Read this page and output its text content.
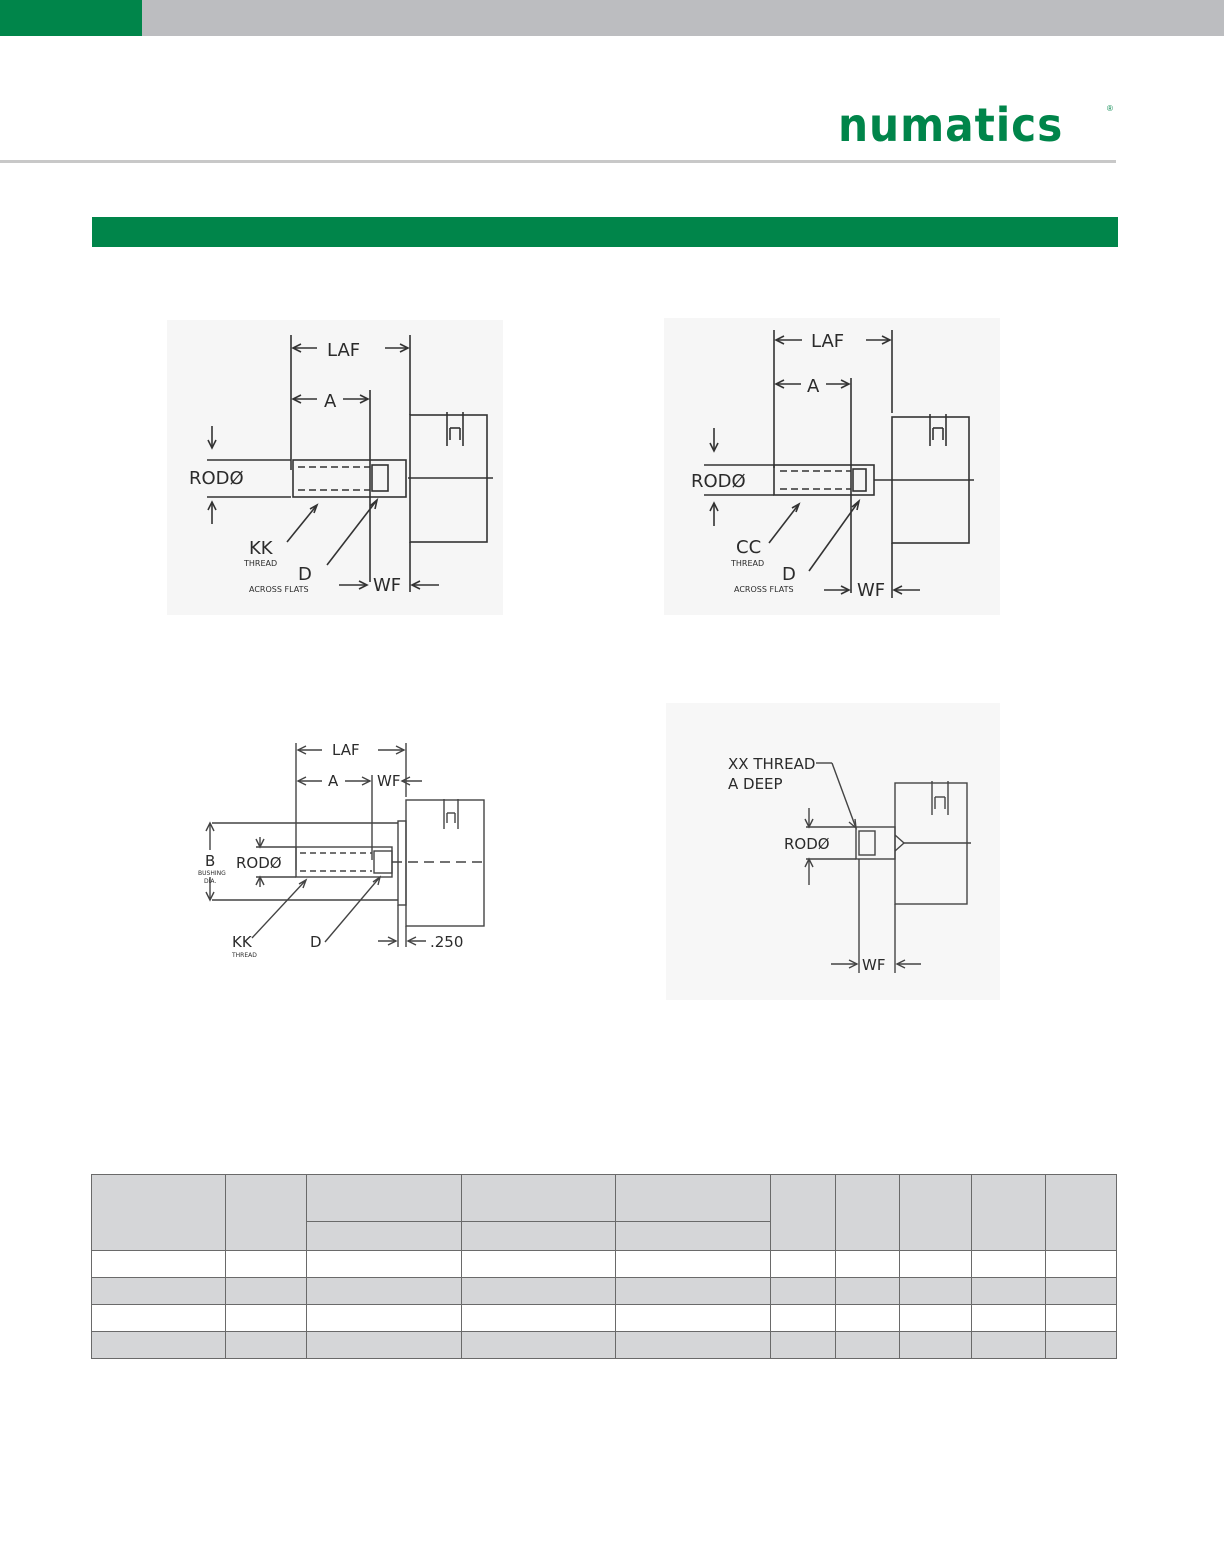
numatics	®
LAF
A
RODØ
KK
THREAD
D
ACROSS FLATS	WF
LAF
A
RODØ
CC
THREAD
D
ACROSS FLATS	WF
LAF
A	WF
B
BUSHING
DIA.
RODØ
KK
THREAD
D	.250
XX THREAD
A DEEP
RODØ
WF
